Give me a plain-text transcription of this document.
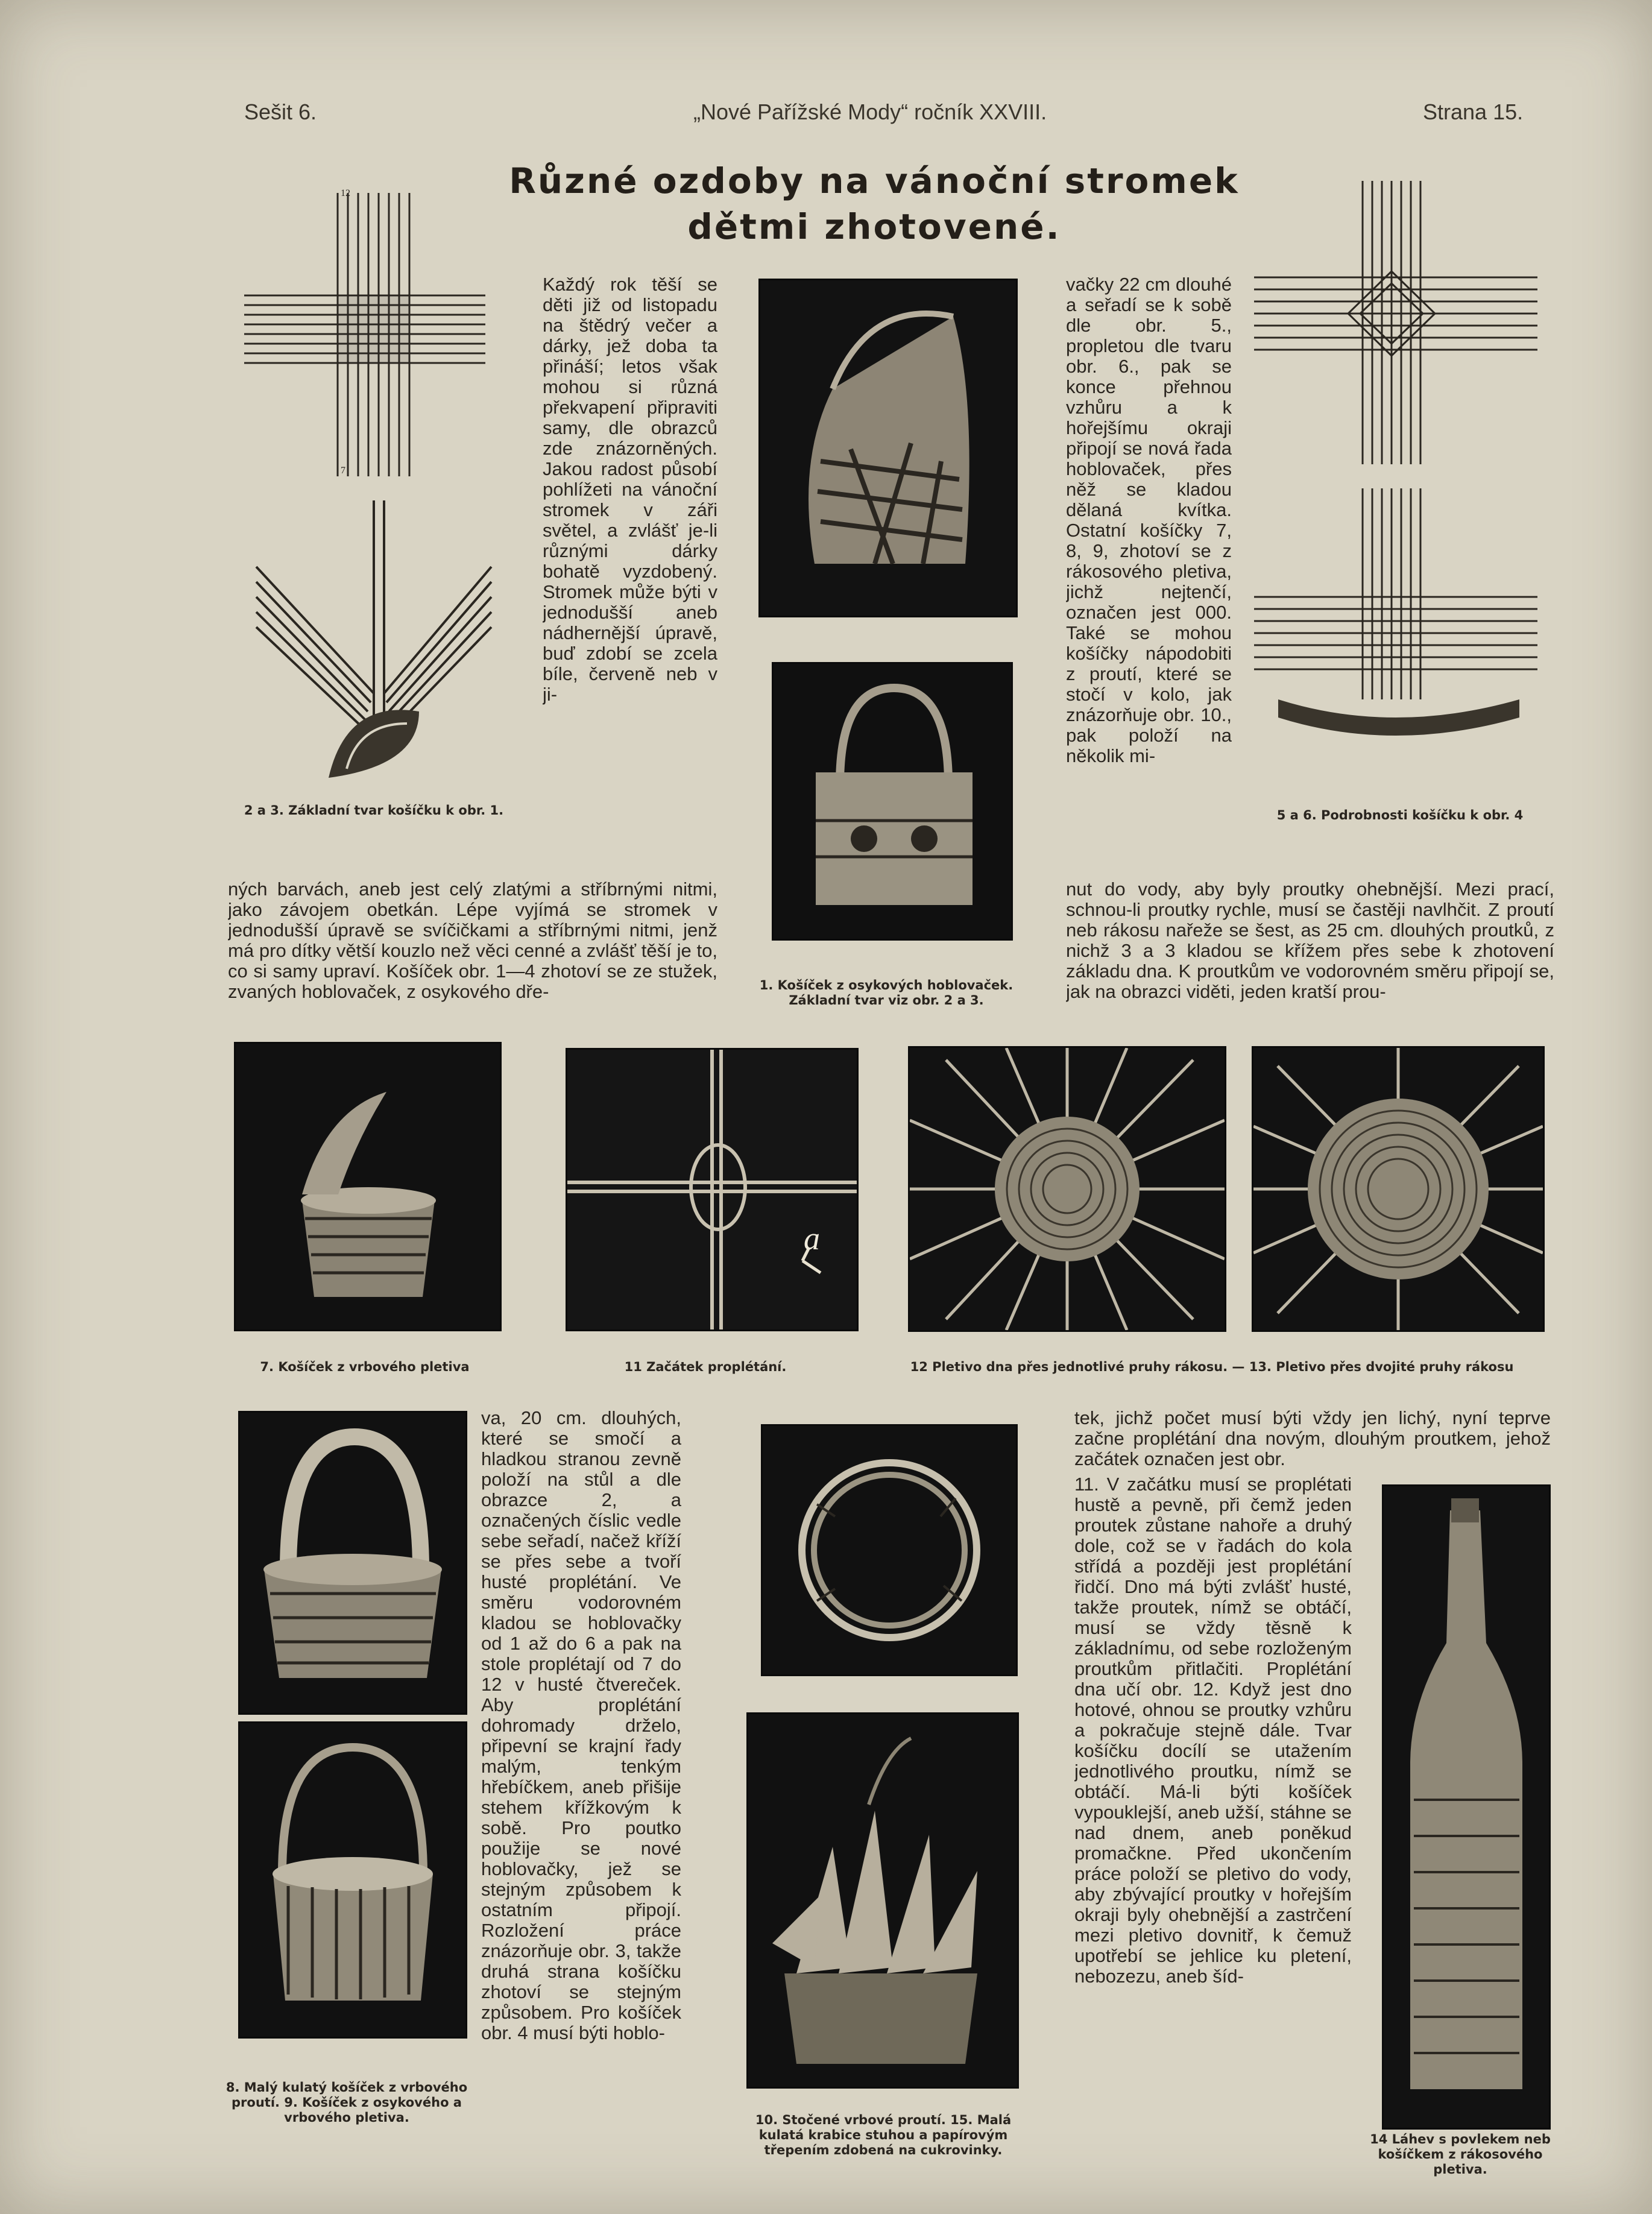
Sešit 6.	„Nové Pařížské Mody“ ročník XXVIII.	Strana 15.
Různé ozdoby na vánoční stromek
dětmi zhotovené.
12
7
2 a 3. Základní tvar košíčku k obr. 1.

Každý rok těší se děti již od listopadu na štědrý večer a dárky, jež doba ta přináší; letos však mohou si různá překvapení připraviti samy, dle obrazců zde znázorněných. Jakou radost působí pohlížeti na vánoční stromek v záři světel, a zvlášť je-li různými dárky bohatě vyzdobený. Stromek může býti v jednodušší aneb nádhernější úpravě, buď zdobí se zcela bíle, červeně neb v ji-

ných barvách, aneb jest celý zlatými a stříbrnými nitmi, jako závojem obetkán. Lépe vyjímá se stromek v jednodušší úpravě se svíčičkami a stříbrnými nitmi, jenž má pro dítky větší kouzlo než věci cenné a zvlášť těší je to, co si samy upraví. Košíček obr. 1—4 zhotoví se ze stužek, zvaných hoblovaček, z osykového dře-	1. Košíček z osykových hoblovaček. Základní tvar viz obr. 2 a 3.

vačky 22 cm dlouhé a seřadí se k sobě dle obr. 5., propletou dle tvaru obr. 6., pak se konce přehnou vzhůru a k hořejšímu okraji připojí se nová řada hoblovaček, přes něž se kladou dělaná kvítka. Ostatní košíčky 7, 8, 9, zhotoví se z rákosového pletiva, jichž nejtenčí, označen jest 000. Také se mohou košíčky nápodobiti z proutí, které se stočí v kolo, jak znázorňuje obr. 10., pak položí na několik mi-

nut do vody, aby byly proutky ohebnější. Mezi prací, schnou-li proutky rychle, musí se častěji navlhčit. Z proutí neb rákosu nařeže se šest, as 25 cm. dlouhých proutků, z nichž 3 a 3 kladou se křížem přes sebe k zhotovení základu dna. K proutkům ve vodorovném směru připojí se, jak na obrazci viděti, jeden kratší prou-

5 a 6. Podrobnosti košíčku k obr. 4
a
7. Košíček z vrbového pletiva	11 Začátek proplétání.	12 Pletivo dna přes jednotlivé pruhy rákosu. — 13. Pletivo přes dvojité pruhy rákosu
8. Malý kulatý košíček z vrbového proutí. 9. Košíček z osykového a vrbového pletiva.

va, 20 cm. dlouhých, které se smočí a hladkou stranou zevně položí na stůl a dle obrazce 2, a označených číslic vedle sebe seřadí, načež kříží se přes sebe a tvoří husté proplétání. Ve směru vodorovném kladou se hoblovačky od 1 až do 6 a pak na stole proplétají od 7 do 12 v husté čtvereček. Aby proplétání dohromady drželo, připevní se krajní řady malým, tenkým hřebíčkem, aneb přišije stehem křížkovým k sobě. Pro poutko použije se nové hoblovačky, jež se stejným způsobem k ostatním připojí. Rozložení práce znázorňuje obr. 3, takže druhá strana košíčku zhotoví se stejným způsobem. Pro košíček obr. 4 musí býti hoblo-

10. Stočené vrbové proutí. 15. Malá kulatá krabice stuhou a papírovým třepením zdobená na cukrovinky.

tek, jichž počet musí býti vždy jen lichý, nyní teprve začne proplétání dna novým, dlouhým proutkem, jehož začátek označen jest obr.

11. V začátku musí se proplétati hustě a pevně, při čemž jeden proutek zůstane nahoře a druhý dole, což se v řadách do kola střídá a později jest proplétání řidčí. Dno má býti zvlášť husté, takže proutek, nímž se obtáčí, musí se vždy těsně k základnímu, od sebe rozloženým proutkům přitlačiti. Proplétání dna učí obr. 12. Když jest dno hotové, ohnou se proutky vzhůru a pokračuje stejně dále. Tvar košíčku docílí se utažením jednotlivého proutku, nímž se obtáčí. Má-li býti košíček vypouklejší, aneb užší, stáhne se nad dnem, aneb poněkud promačkne. Před ukončením práce položí se pletivo do vody, aby zbývající proutky v hořejším okraji byly ohebnější a zastrčení mezi pletivo dovnitř, k čemuž upotřebí se jehlice ku pletení, nebozezu, aneb šíd-

14 Láhev s povlekem neb košíčkem z rákosového pletiva.
